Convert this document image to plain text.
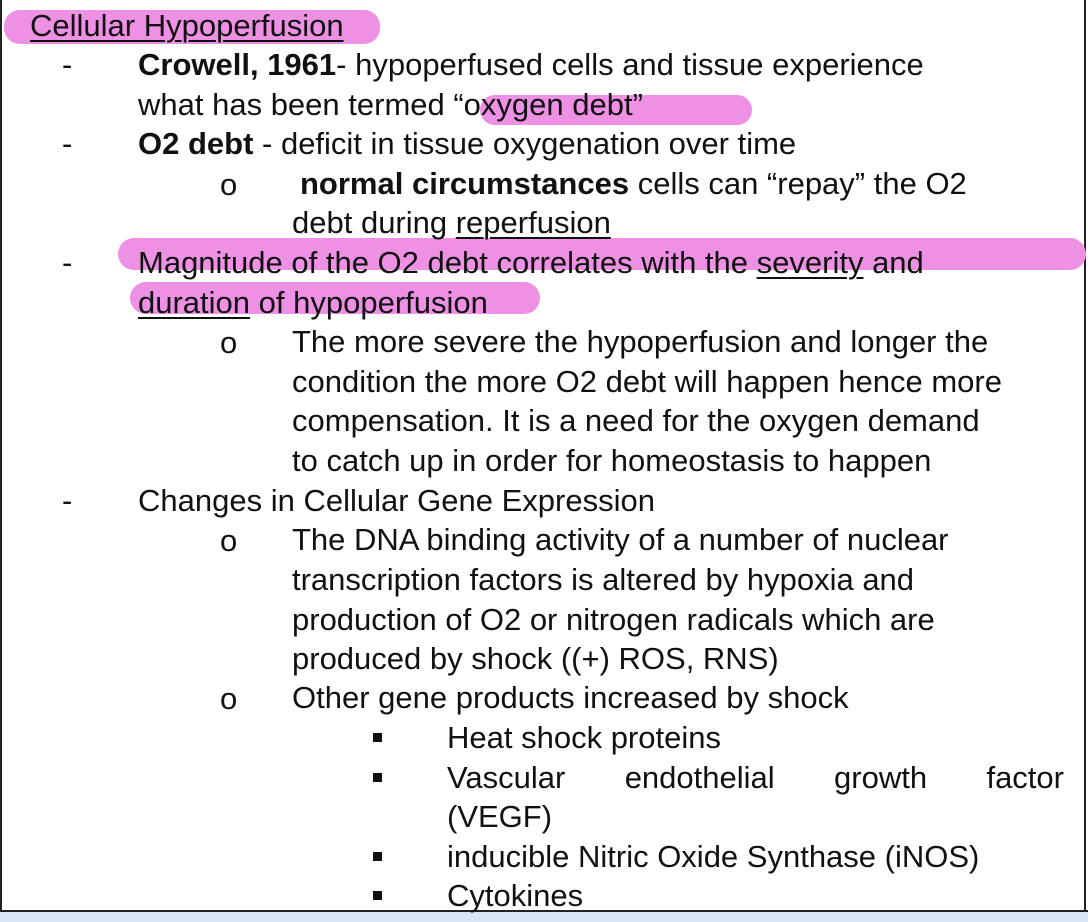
Cellular Hypoperfusion
- Crowell, 1961- hypoperfused cells and tissue experience
what has been termed “oxygen debt”
- O2 debt - deficit in tissue oxygenation over time
o normal circumstances cells can “repay” the O2
debt during reperfusion
- Magnitude of the O2 debt correlates with the severity and
duration of hypoperfusion
o The more severe the hypoperfusion and longer the
condition the more O2 debt will happen hence more
compensation. It is a need for the oxygen demand
to catch up in order for homeostasis to happen
- Changes in Cellular Gene Expression
o The DNA binding activity of a number of nuclear
transcription factors is altered by hypoxia and
production of O2 or nitrogen radicals which are
produced by shock ((+) ROS, RNS)
o Other gene products increased by shock
Heat shock proteins
Vascular endothelial growth factor
(VEGF)
inducible Nitric Oxide Synthase (iNOS)
Cytokines
